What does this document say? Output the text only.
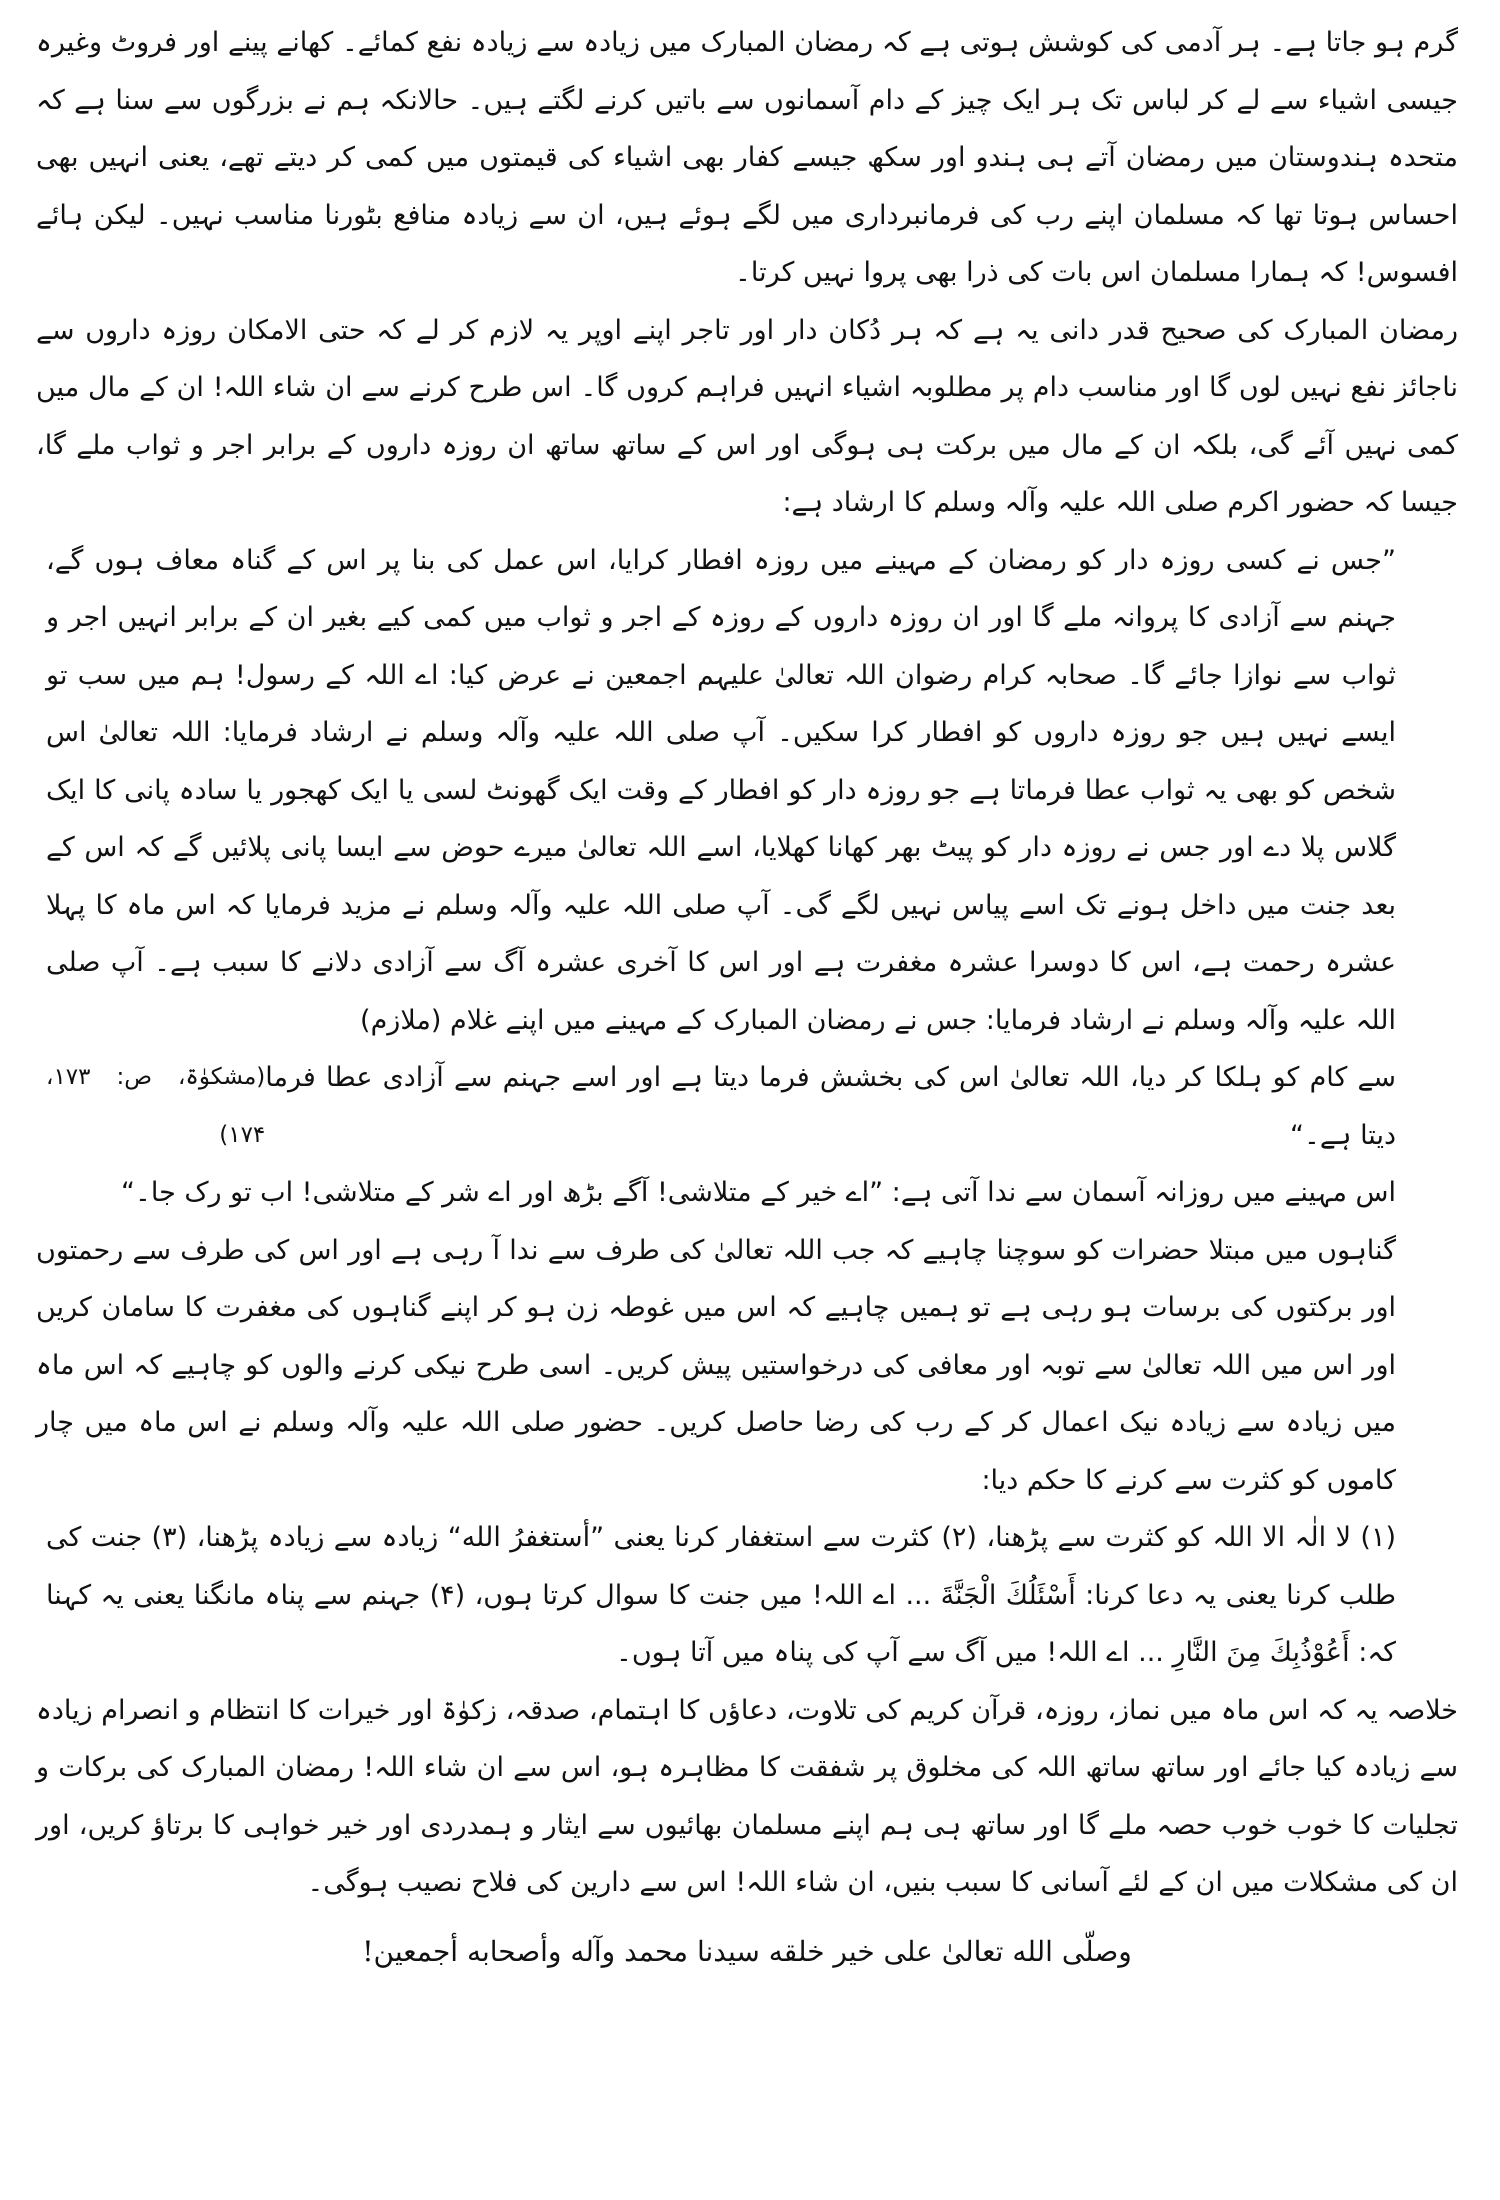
گرم ہو جاتا ہے۔ ہر آدمی کی کوشش ہوتی ہے کہ رمضان المبارک میں زیادہ سے زیادہ نفع کمائے۔ کھانے پینے اور فروٹ وغیرہ جیسی اشیاء سے لے کر لباس تک ہر ایک چیز کے دام آسمانوں سے باتیں کرنے لگتے ہیں۔ حالانکہ ہم نے بزرگوں سے سنا ہے کہ متحدہ ہندوستان میں رمضان آتے ہی ہندو اور سکھ جیسے کفار بھی اشیاء کی قیمتوں میں کمی کر دیتے تھے، یعنی انہیں بھی احساس ہوتا تھا کہ مسلمان اپنے رب کی فرمانبرداری میں لگے ہوئے ہیں، ان سے زیادہ منافع بٹورنا مناسب نہیں۔ لیکن ہائے افسوس! کہ ہمارا مسلمان اس بات کی ذرا بھی پروا نہیں کرتا۔

رمضان المبارک کی صحیح قدر دانی یہ ہے کہ ہر دُکان دار اور تاجر اپنے اوپر یہ لازم کر لے کہ حتی الامکان روزہ داروں سے ناجائز نفع نہیں لوں گا اور مناسب دام پر مطلوبہ اشیاء انہیں فراہم کروں گا۔ اس طرح کرنے سے ان شاء اللہ! ان کے مال میں کمی نہیں آئے گی، بلکہ ان کے مال میں برکت ہی ہوگی اور اس کے ساتھ ساتھ ان روزہ داروں کے برابر اجر و ثواب ملے گا، جیسا کہ حضور اکرم صلی اللہ علیہ وآلہ وسلم کا ارشاد ہے:

”جس نے کسی روزہ دار کو رمضان کے مہینے میں روزہ افطار کرایا، اس عمل کی بنا پر اس کے گناہ معاف ہوں گے، جہنم سے آزادی کا پروانہ ملے گا اور ان روزہ داروں کے روزہ کے اجر و ثواب میں کمی کیے بغیر ان کے برابر انہیں اجر و ثواب سے نوازا جائے گا۔ صحابہ کرام رضوان اللہ تعالیٰ علیہم اجمعین نے عرض کیا: اے اللہ کے رسول! ہم میں سب تو ایسے نہیں ہیں جو روزہ داروں کو افطار کرا سکیں۔ آپ صلی اللہ علیہ وآلہ وسلم نے ارشاد فرمایا: اللہ تعالیٰ اس شخص کو بھی یہ ثواب عطا فرماتا ہے جو روزہ دار کو افطار کے وقت ایک گھونٹ لسی یا ایک کھجور یا سادہ پانی کا ایک گلاس پلا دے اور جس نے روزہ دار کو پیٹ بھر کھانا کھلایا، اسے اللہ تعالیٰ میرے حوض سے ایسا پانی پلائیں گے کہ اس کے بعد جنت میں داخل ہونے تک اسے پیاس نہیں لگے گی۔ آپ صلی اللہ علیہ وآلہ وسلم نے مزید فرمایا کہ اس ماہ کا پہلا عشرہ رحمت ہے، اس کا دوسرا عشرہ مغفرت ہے اور اس کا آخری عشرہ آگ سے آزادی دلانے کا سبب ہے۔ آپ صلی اللہ علیہ وآلہ وسلم نے ارشاد فرمایا: جس نے رمضان المبارک کے مہینے میں اپنے غلام (ملازم)

سے کام کو ہلکا کر دیا، اللہ تعالیٰ اس کی بخشش فرما دیتا ہے اور اسے جہنم سے آزادی عطا فرما دیتا ہے۔“
(مشکوٰۃ، ص: ۱۷۳، ۱۷۴)

اس مہینے میں روزانہ آسمان سے ندا آتی ہے: ”اے خیر کے متلاشی! آگے بڑھ اور اے شر کے متلاشی! اب تو رک جا۔“

گناہوں میں مبتلا حضرات کو سوچنا چاہیے کہ جب اللہ تعالیٰ کی طرف سے ندا آ رہی ہے اور اس کی طرف سے رحمتوں اور برکتوں کی برسات ہو رہی ہے تو ہمیں چاہیے کہ اس میں غوطہ زن ہو کر اپنے گناہوں کی مغفرت کا سامان کریں اور اس میں اللہ تعالیٰ سے توبہ اور معافی کی درخواستیں پیش کریں۔ اسی طرح نیکی کرنے والوں کو چاہیے کہ اس ماہ میں زیادہ سے زیادہ نیک اعمال کر کے رب کی رضا حاصل کریں۔ حضور صلی اللہ علیہ وآلہ وسلم نے اس ماہ میں چار کاموں کو کثرت سے کرنے کا حکم دیا:

(۱) لا الٰہ الا اللہ کو کثرت سے پڑھنا، (۲) کثرت سے استغفار کرنا یعنی ”أستغفرُ الله“ زیادہ سے زیادہ پڑھنا، (۳) جنت کی طلب کرنا یعنی یہ دعا کرنا: أَسْئَلُكَ الْجَنَّةَ ... اے اللہ! میں جنت کا سوال کرتا ہوں، (۴) جہنم سے پناہ مانگنا یعنی یہ کہنا کہ: أَعُوْذُبِكَ مِنَ النَّارِ ... اے اللہ! میں آگ سے آپ کی پناہ میں آتا ہوں۔

خلاصہ یہ کہ اس ماہ میں نماز، روزہ، قرآن کریم کی تلاوت، دعاؤں کا اہتمام، صدقہ، زکوٰۃ اور خیرات کا انتظام و انصرام زیادہ سے زیادہ کیا جائے اور ساتھ ساتھ اللہ کی مخلوق پر شفقت کا مظاہرہ ہو، اس سے ان شاء اللہ! رمضان المبارک کی برکات و تجلیات کا خوب خوب حصہ ملے گا اور ساتھ ہی ہم اپنے مسلمان بھائیوں سے ایثار و ہمدردی اور خیر خواہی کا برتاؤ کریں، اور ان کی مشکلات میں ان کے لئے آسانی کا سبب بنیں، ان شاء اللہ! اس سے دارین کی فلاح نصیب ہوگی۔

وصلّى الله تعالىٰ على خير خلقه سيدنا محمد وآله وأصحابه أجمعين!
